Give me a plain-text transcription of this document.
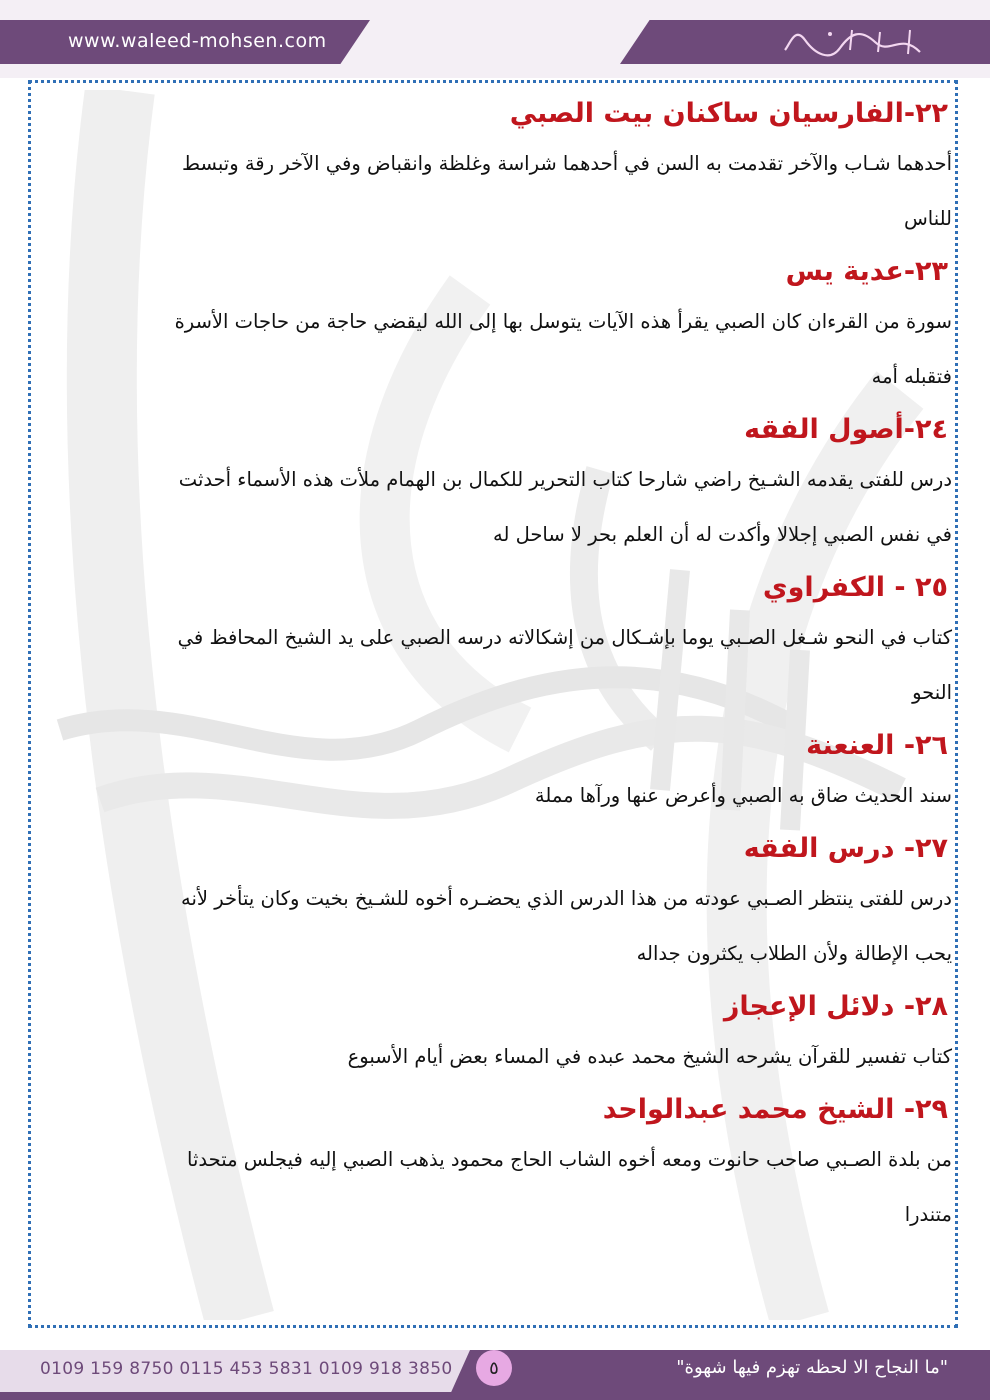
www.waleed-mohsen.com
٢٢-الفارسيان ساكنان بيت الصبي

أحدهما شـاب والآخر تقدمت به السن في أحدهما شراسة وغلظة وانقباض وفي الآخر رقة وتبسط

للناس

٢٣-عدية يس

سورة من القرءان كان الصبي يقرأ هذه الآيات يتوسل بها إلى الله ليقضي حاجة من حاجات الأسرة

فتقبله أمه

٢٤-أصول الفقه

درس للفتى يقدمه الشـيخ راضي شارحا كتاب التحرير للكمال بن الهمام ملأت هذه الأسماء أحدثت

في نفس الصبي إجلالا وأكدت له أن العلم بحر لا ساحل له

٢٥ - الكفراوي

كتاب في النحو شـغل الصـبي يوما بإشـكال من إشكالاته درسه الصبي على يد الشيخ المحافظ في

النحو

٢٦- العنعنة

سند الحديث ضاق به الصبي وأعرض عنها ورآها مملة

٢٧- درس الفقه

درس للفتى ينتظر الصـبي عودته من هذا الدرس الذي يحضـره أخوه للشـيخ بخيت وكان يتأخر لأنه

يحب الإطالة ولأن الطلاب يكثرون جداله

٢٨- دلائل الإعجاز

كتاب تفسير للقرآن يشرحه الشيخ محمد عبده في المساء بعض أيام الأسبوع

٢٩- الشيخ محمد عبدالواحد

من بلدة الصـبي صاحب حانوت ومعه أخوه الشاب الحاج محمود يذهب الصبي إليه فيجلس متحدثا

متندرا

0109 159 8750 0115 453 5831 0109 918 3850	٥	"ما النجاح الا لحظه تهزم فيها شهوة"
